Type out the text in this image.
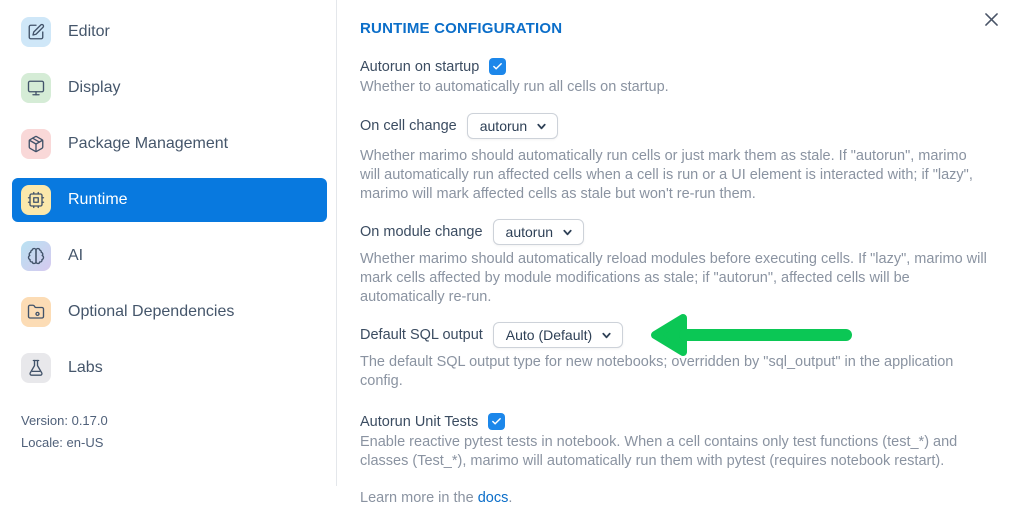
Editor
Display
Package Management
Runtime
AI
Optional Dependencies
Labs
Version: 0.17.0
Locale: en-US
RUNTIME CONFIGURATION
Autorun on startup

Whether to automatically run all cells on startup.

On cell change autorun

Whether marimo should automatically run cells or just mark them as stale. If "autorun", marimo will automatically run affected cells when a cell is run or a UI element is interacted with; if "lazy", marimo will mark affected cells as stale but won't re-run them.

On module change autorun

Whether marimo should automatically reload modules before executing cells. If "lazy", marimo will mark cells affected by module modifications as stale; if "autorun", affected cells will be automatically re-run.

Default SQL output Auto (Default)

The default SQL output type for new notebooks; overridden by "sql_output" in the application config.

Autorun Unit Tests

Enable reactive pytest tests in notebook. When a cell contains only test functions (test_*) and classes (Test_*), marimo will automatically run them with pytest (requires notebook restart).

Learn more in the docs.
